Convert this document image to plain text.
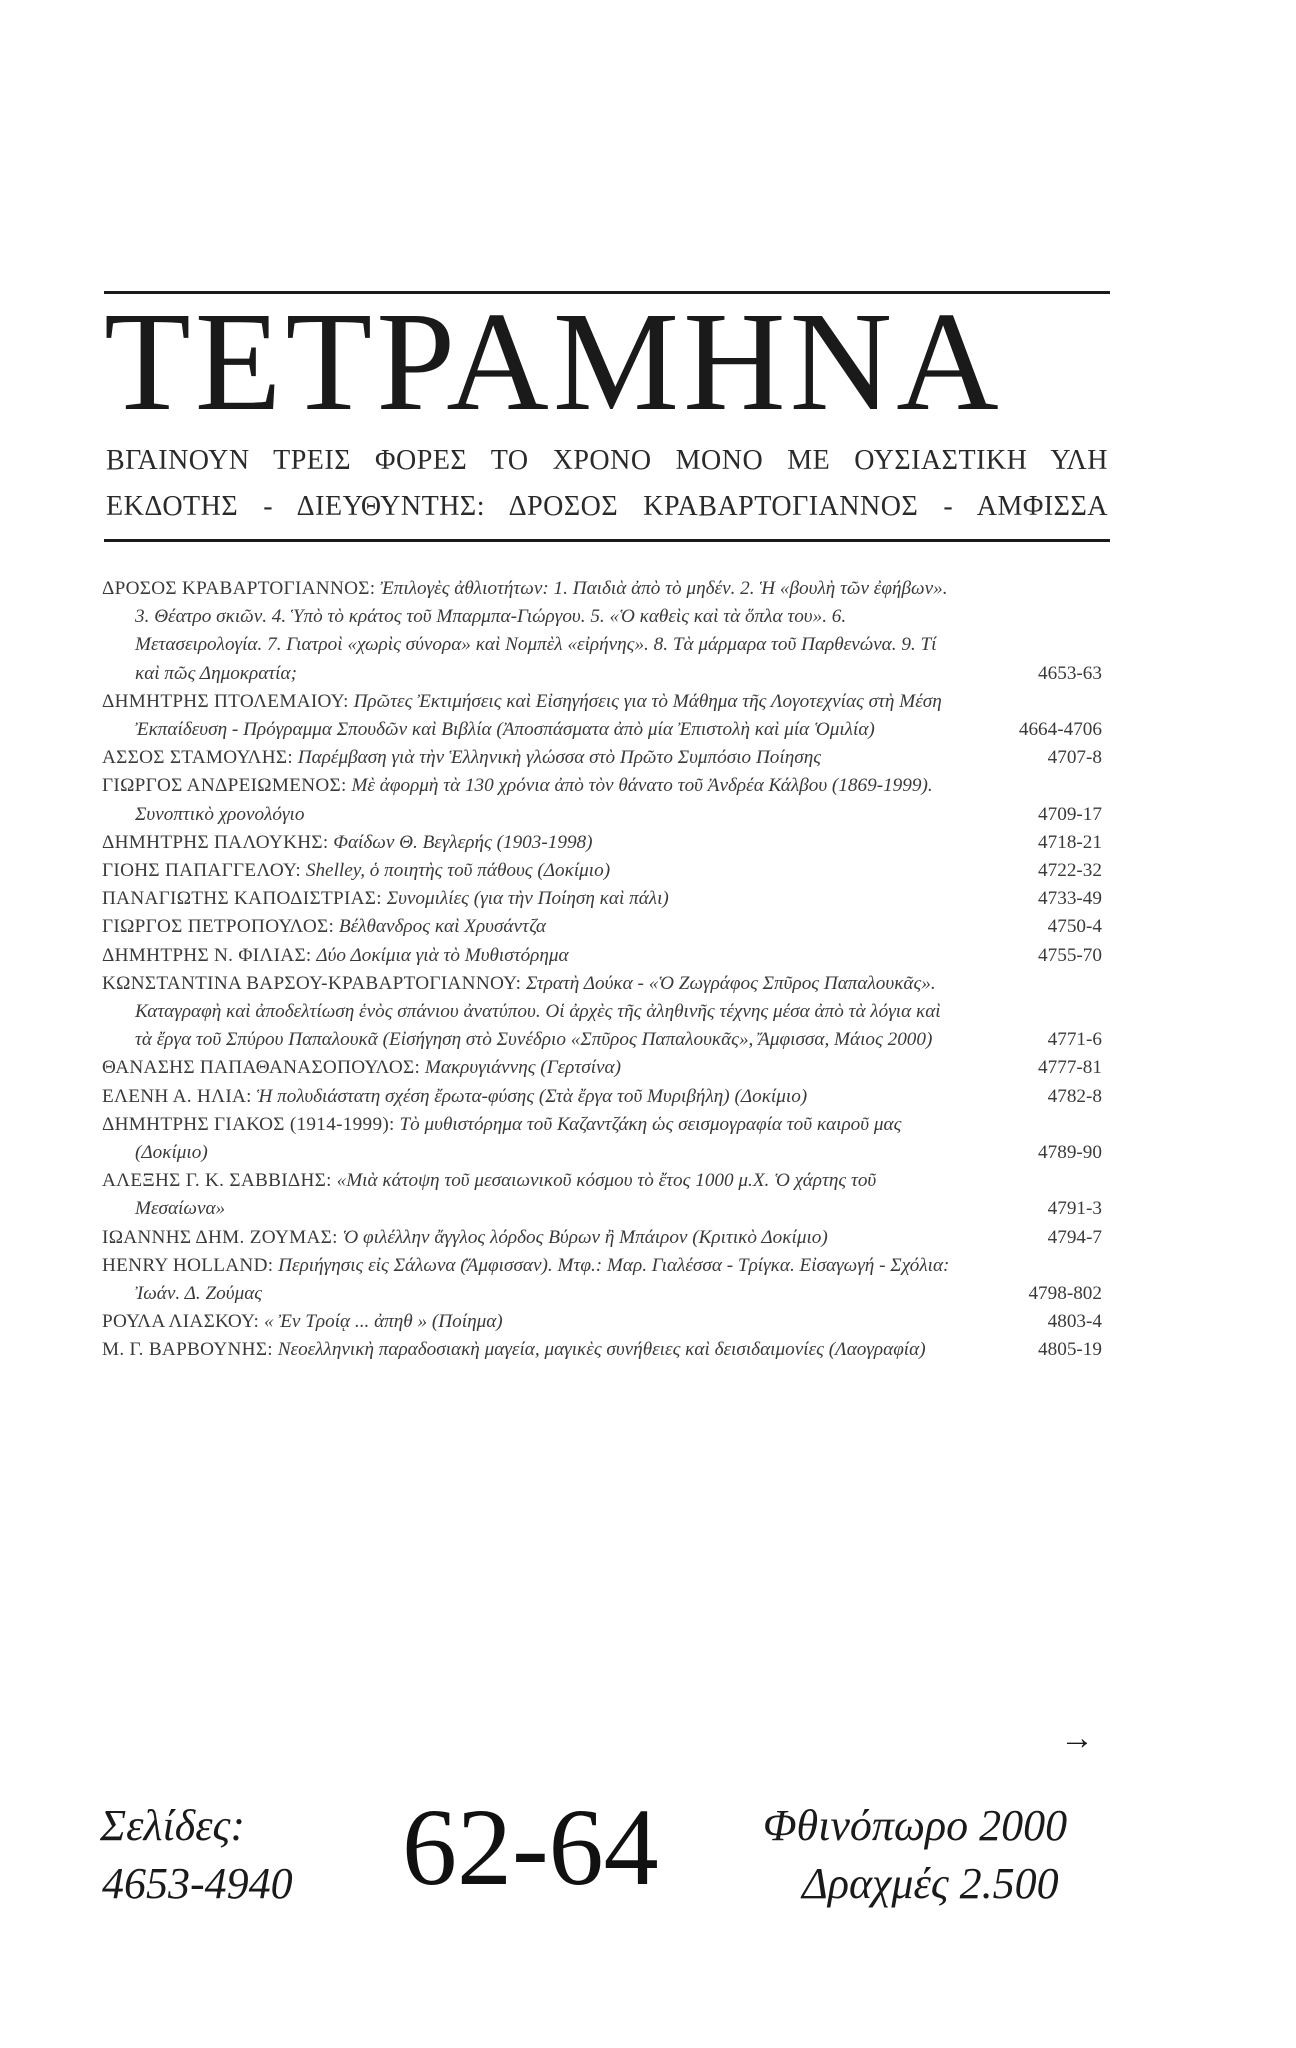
ΤΕΤΡΑΜΗΝΑ
ΒΓΑΙΝΟΥΝ ΤΡΕΙΣ ΦΟΡΕΣ ΤΟ ΧΡΟΝΟ ΜΟΝΟ ΜΕ ΟΥΣΙΑΣΤΙΚΗ ΥΛΗ
ΕΚΔΟΤΗΣ - ΔΙΕΥΘΥΝΤΗΣ: ΔΡΟΣΟΣ ΚΡΑΒΑΡΤΟΓΙΑΝΝΟΣ - ΑΜΦΙΣΣΑ
ΔΡΟΣΟΣ ΚΡΑΒΑΡΤΟΓΙΑΝΝΟΣ: Ἐπιλογὲς ἀθλιοτήτων: 1. Παιδιὰ ἀπὸ τὸ μηδέν. 2. Ἡ «βουλὴ τῶν ἐφήβων». 3. Θέατρο σκιῶν. 4. Ὑπὸ τὸ κράτος τοῦ Μπαρμπα-Γιώργου. 5. «Ὁ καθεὶς καὶ τὰ ὅπλα του». 6. Μετασειρολογία. 7. Γιατροὶ «χωρὶς σύνορα» καὶ Νομπὲλ «εἰρήνης». 8. Τὰ μάρμαρα τοῦ Παρθενώνα. 9. Τί καὶ πῶς Δημοκρατία;	4653-63
ΔΗΜΗΤΡΗΣ ΠΤΟΛΕΜΑΙΟΥ: Πρῶτες Ἐκτιμήσεις καὶ Εἰσηγήσεις για τὸ Μάθημα τῆς Λογοτεχνίας στὴ Μέση Ἐκπαίδευση - Πρόγραμμα Σπουδῶν καὶ Βιβλία (Ἀποσπάσματα ἀπὸ μία Ἐπιστολὴ καὶ μία Ὁμιλία)	4664-4706
ΑΣΣΟΣ ΣΤΑΜΟΥΛΗΣ: Παρέμβαση γιὰ τὴν Ἑλληνικὴ γλώσσα στὸ Πρῶτο Συμπόσιο Ποίησης	4707-8
ΓΙΩΡΓΟΣ ΑΝΔΡΕΙΩΜΕΝΟΣ: Μὲ ἀφορμὴ τὰ 130 χρόνια ἀπὸ τὸν θάνατο τοῦ Ἀνδρέα Κάλβου (1869-1999). Συνοπτικὸ χρονολόγιο	4709-17
ΔΗΜΗΤΡΗΣ ΠΑΛΟΥΚΗΣ: Φαίδων Θ. Βεγλερής (1903-1998)	4718-21
ΓΙΟΗΣ ΠΑΠΑΓΓΕΛΟΥ: Shelley, ὁ ποιητὴς τοῦ πάθους (Δοκίμιο)	4722-32
ΠΑΝΑΓΙΩΤΗΣ ΚΑΠΟΔΙΣΤΡΙΑΣ: Συνομιλίες (για τὴν Ποίηση καὶ πάλι)	4733-49
ΓΙΩΡΓΟΣ ΠΕΤΡΟΠΟΥΛΟΣ: Βέλθανδρος καὶ Χρυσάντζα	4750-4
ΔΗΜΗΤΡΗΣ Ν. ΦΙΛΙΑΣ: Δύο Δοκίμια γιὰ τὸ Μυθιστόρημα	4755-70
ΚΩΝΣΤΑΝΤΙΝΑ ΒΑΡΣΟΥ-ΚΡΑΒΑΡΤΟΓΙΑΝΝΟΥ: Στρατὴ Δούκα - «Ὁ Ζωγράφος Σπῦρος Παπαλουκᾶς». Καταγραφὴ καὶ ἀποδελτίωση ἑνὸς σπάνιου ἀνατύπου. Οἱ ἀρχὲς τῆς ἀληθινῆς τέχνης μέσα ἀπὸ τὰ λόγια καὶ τὰ ἔργα τοῦ Σπύρου Παπαλουκᾶ (Εἰσήγηση στὸ Συνέδριο «Σπῦρος Παπαλουκᾶς», Ἄμφισσα, Μάιος 2000)	4771-6
ΘΑΝΑΣΗΣ ΠΑΠΑΘΑΝΑΣΟΠΟΥΛΟΣ: Μακρυγιάννης (Γερτσίνα)	4777-81
ΕΛΕΝΗ Α. ΗΛΙΑ: Ἡ πολυδιάστατη σχέση ἔρωτα-φύσης (Στὰ ἔργα τοῦ Μυριβήλη) (Δοκίμιο)	4782-8
ΔΗΜΗΤΡΗΣ ΓΙΑΚΟΣ (1914-1999): Τὸ μυθιστόρημα τοῦ Καζαντζάκη ὡς σεισμογραφία τοῦ καιροῦ μας (Δοκίμιο)	4789-90
ΑΛΕΞΗΣ Γ. Κ. ΣΑΒΒΙΔΗΣ: «Μιὰ κάτοψη τοῦ μεσαιωνικοῦ κόσμου τὸ ἔτος 1000 μ.Χ. Ὁ χάρτης τοῦ Μεσαίωνα»	4791-3
ΙΩΑΝΝΗΣ ΔΗΜ. ΖΟΥΜΑΣ: Ὁ φιλέλλην ἄγγλος λόρδος Βύρων ἢ Μπάιρον (Κριτικὸ Δοκίμιο)	4794-7
HENRY HOLLAND: Περιήγησις εἰς Σάλωνα (Ἄμφισσαν). Μτφ.: Μαρ. Γιαλέσσα - Τρίγκα. Εἰσαγωγή - Σχόλια: Ἰωάν. Δ. Ζούμας	4798-802
ΡΟΥΛΑ ΛΙΑΣΚΟΥ: « Ἐν Τροίᾳ ... ἀπηθ » (Ποίημα)	4803-4
Μ. Γ. ΒΑΡΒΟΥΝΗΣ: Νεοελληνικὴ παραδοσιακὴ μαγεία, μαγικὲς συνήθειες καὶ δεισιδαιμονίες (Λαογραφία)	4805-19
→
Σελίδες:
4653-4940 62-64 Φθινόπωρο 2000
Δραχμές 2.500
